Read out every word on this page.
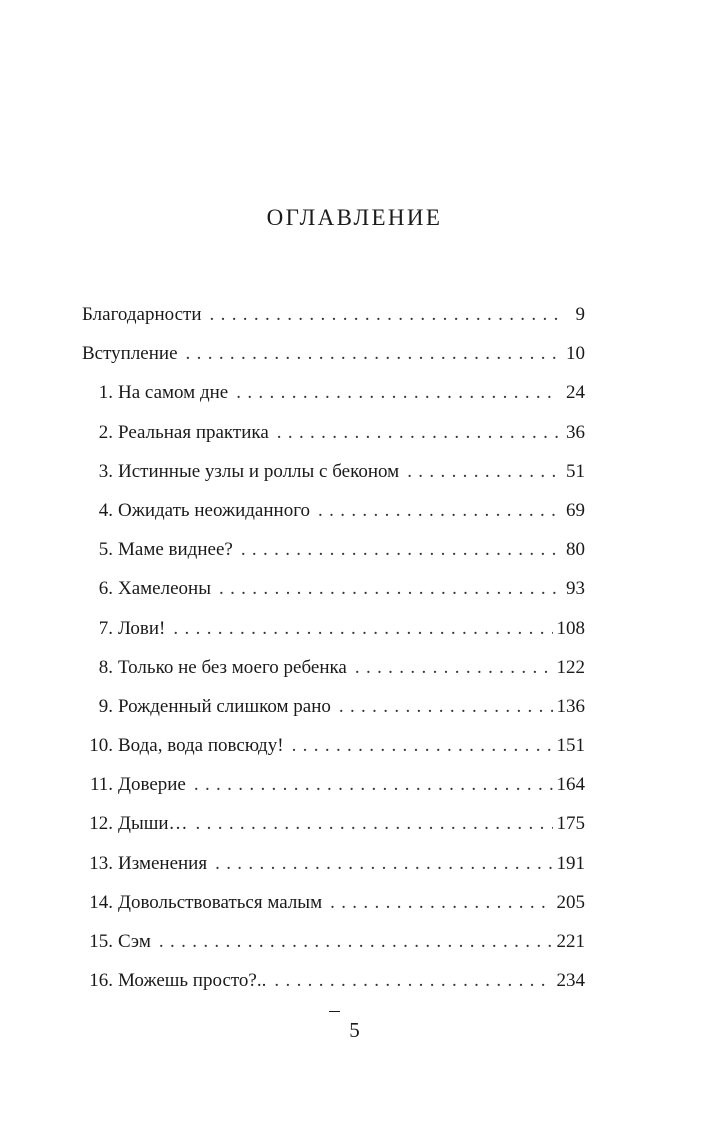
ОГЛАВЛЕНИЕ
Благодарности . . .	9
Вступление . . .	10
1. На самом дне . . .	24
2. Реальная практика . . .	36
3. Истинные узлы и роллы с беконом . . .	51
4. Ожидать неожиданного . . .	69
5. Маме виднее? . . .	80
6. Хамелеоны . . .	93
7. Лови! . . .	108
8. Только не без моего ребенка . . .	122
9. Рожденный слишком рано . . .	136
10. Вода, вода повсюду! . . .	151
11. Доверие . . .	164
12. Дыши… . . .	175
13. Изменения . . .	191
14. Довольствоваться малым . . .	205
15. Сэм . . .	221
16. Можешь просто?.. . . .	234
5
